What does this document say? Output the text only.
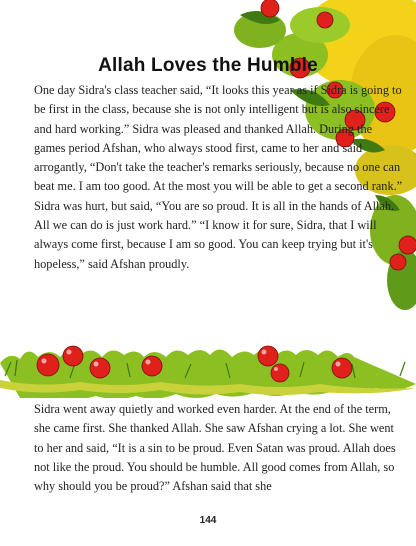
Allah Loves the Humble

One day Sidra's class teacher said, “It looks this year as if Sidra is going to be first in the class, because she is not only intelligent but is also sincere and hard working.” Sidra was pleased and thanked Allah. During the games period Afshan, who always stood first, came to her and said arrogantly, “Don't take the teacher's remarks seriously, because no one can beat me. I am too good. At the most you will be able to get a second rank.” Sidra was hurt, but said, “You are so proud. It is all in the hands of Allah. All we can do is just work hard.” “I know it for sure, Sidra, that I will always come first, because I am so good. You can keep trying but it's hopeless,” said Afshan proudly.

Sidra went away quietly and worked even harder. At the end of the term, she came first. She thanked Allah. She saw Afshan crying a lot. She went to her and said, “It is a sin to be proud. Even Satan was proud. Allah does not like the proud. You should be humble. All good comes from Allah, so why should you be proud?” Afshan said that she

144
